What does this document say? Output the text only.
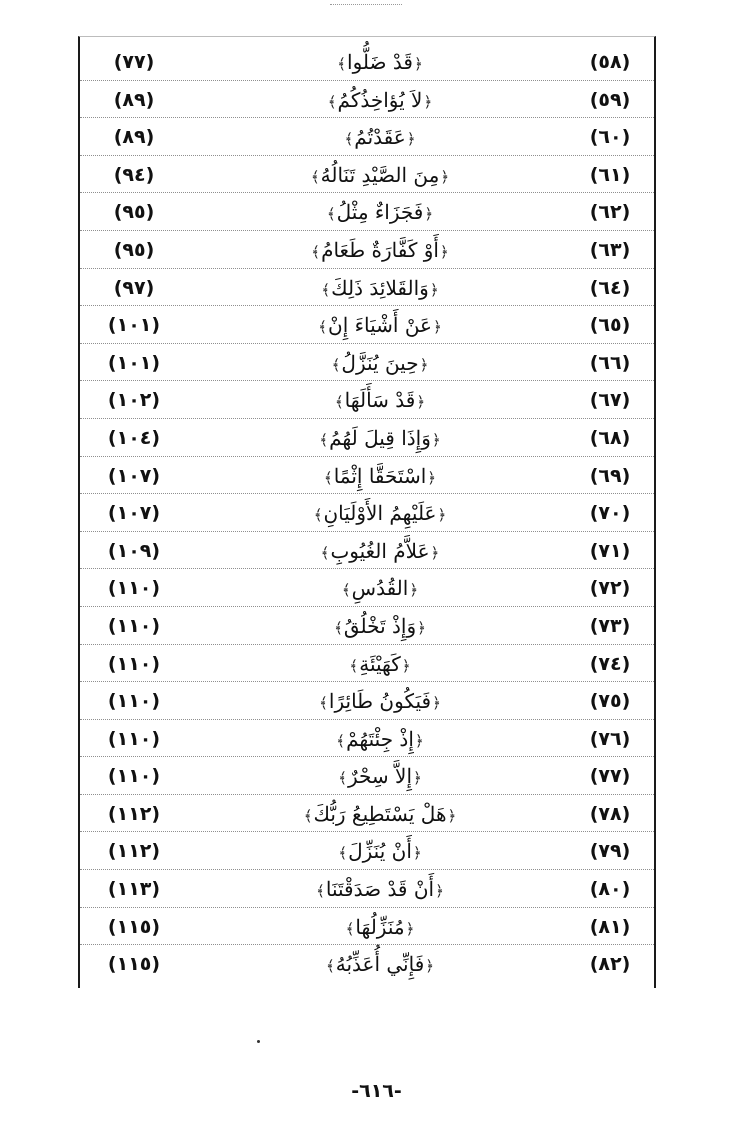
(٧٧)	﴿قَدْ ضَلُّوا﴾	(٥٨)
(٨٩)	﴿لاَ يُؤاخِذُكُمُ﴾	(٥٩)
(٨٩)	﴿عَقَدْتُمُ﴾	(٦٠)
(٩٤)	﴿مِنَ الصَّيْدِ تَنَالُهُ﴾	(٦١)
(٩٥)	﴿فَجَزَاءٌ مِثْلُ﴾	(٦٢)
(٩٥)	﴿أَوْ كَفَّارَةٌ طَعَامُ﴾	(٦٣)
(٩٧)	﴿وَالقَلائِدَ ذَلِكَ﴾	(٦٤)
(١٠١)	﴿عَنْ أَشْيَاءَ إِنْ﴾	(٦٥)
(١٠١)	﴿حِينَ يُنَزَّلُ﴾	(٦٦)
(١٠٢)	﴿قَدْ سَأَلَهَا﴾	(٦٧)
(١٠٤)	﴿وَإِذَا قِيلَ لَهُمُ﴾	(٦٨)
(١٠٧)	﴿اسْتَحَقَّا إِثْمًا﴾	(٦٩)
(١٠٧)	﴿عَلَيْهِمُ الأَوْلَيَانِ﴾	(٧٠)
(١٠٩)	﴿عَلاَّمُ الغُيُوبِ﴾	(٧١)
(١١٠)	﴿القُدُسِ﴾	(٧٢)
(١١٠)	﴿وَإِذْ تَخْلُقُ﴾	(٧٣)
(١١٠)	﴿كَهَيْئَةِ﴾	(٧٤)
(١١٠)	﴿فَيَكُونُ طَائِرًا﴾	(٧٥)
(١١٠)	﴿إِذْ جِئْتَهُمْ﴾	(٧٦)
(١١٠)	﴿إِلاَّ سِحْرٌ﴾	(٧٧)
(١١٢)	﴿هَلْ يَسْتَطِيعُ رَبُّكَ﴾	(٧٨)
(١١٢)	﴿أَنْ يُنَزِّلَ﴾	(٧٩)
(١١٣)	﴿أَنْ قَدْ صَدَقْتَنَا﴾	(٨٠)
(١١٥)	﴿مُنَزِّلُهَا﴾	(٨١)
(١١٥)	﴿فَإِنِّي أُعَذِّبُهُ﴾	(٨٢)
-٦١٦-
